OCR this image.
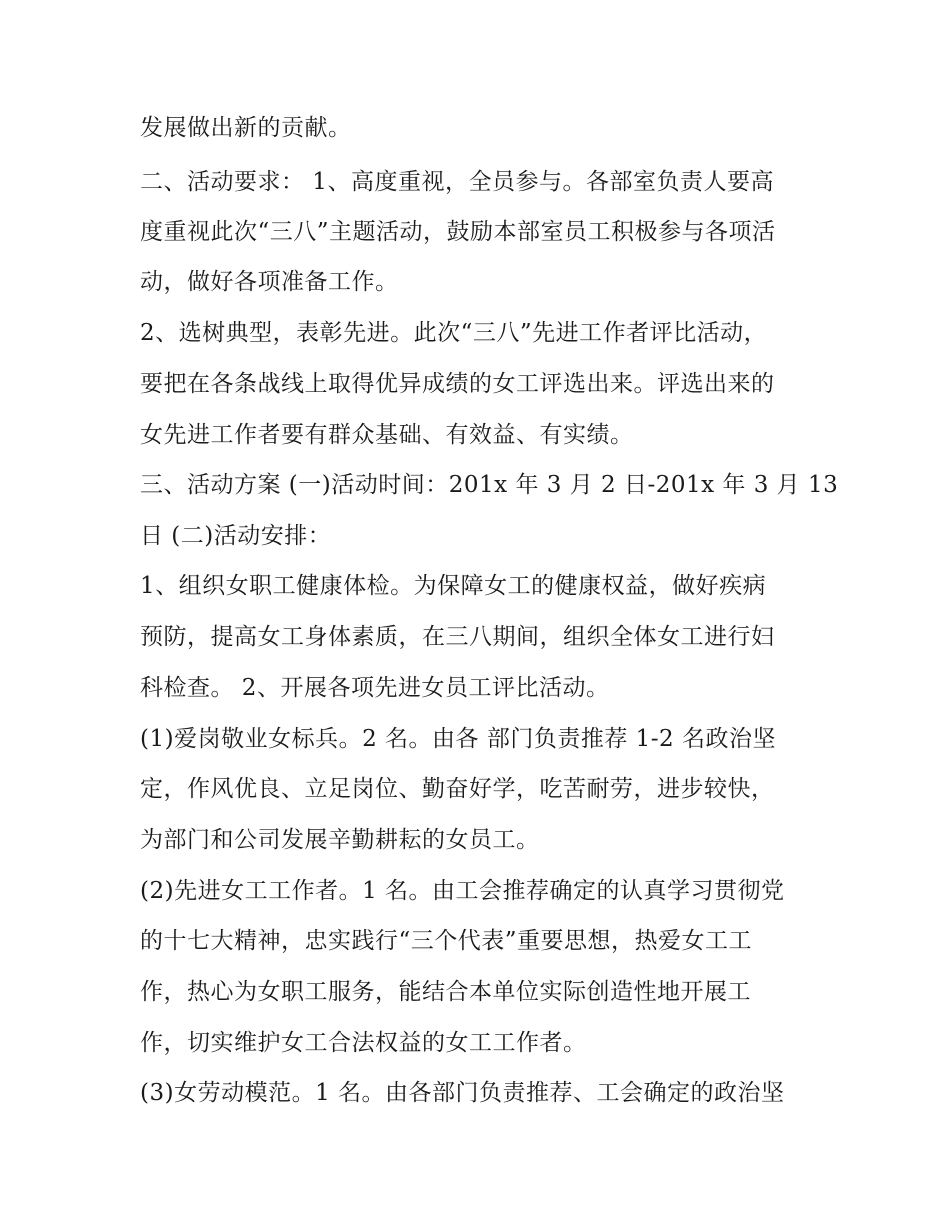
发展做出新的贡献。
二、活动要求： 1、高度重视，全员参与。各部室负责人要高
度重视此次“三八”主题活动，鼓励本部室员工积极参与各项活
动，做好各项准备工作。
2、选树典型，表彰先进。此次“三八”先进工作者评比活动，
要把在各条战线上取得优异成绩的女工评选出来。评选出来的
女先进工作者要有群众基础、有效益、有实绩。
三、活动方案 (一)活动时间：201x 年 3 月 2 日-201x 年 3 月 13
日 (二)活动安排：
1、组织女职工健康体检。为保障女工的健康权益，做好疾病
预防，提高女工身体素质，在三八期间，组织全体女工进行妇
科检查。 2、开展各项先进女员工评比活动。
(1)爱岗敬业女标兵。2 名。由各 部门负责推荐 1-2 名政治坚
定，作风优良、立足岗位、勤奋好学，吃苦耐劳，进步较快，
为部门和公司发展辛勤耕耘的女员工。
(2)先进女工工作者。1 名。由工会推荐确定的认真学习贯彻党
的十七大精神，忠实践行“三个代表”重要思想，热爱女工工
作，热心为女职工服务，能结合本单位实际创造性地开展工
作，切实维护女工合法权益的女工工作者。
(3)女劳动模范。1 名。由各部门负责推荐、工会确定的政治坚
